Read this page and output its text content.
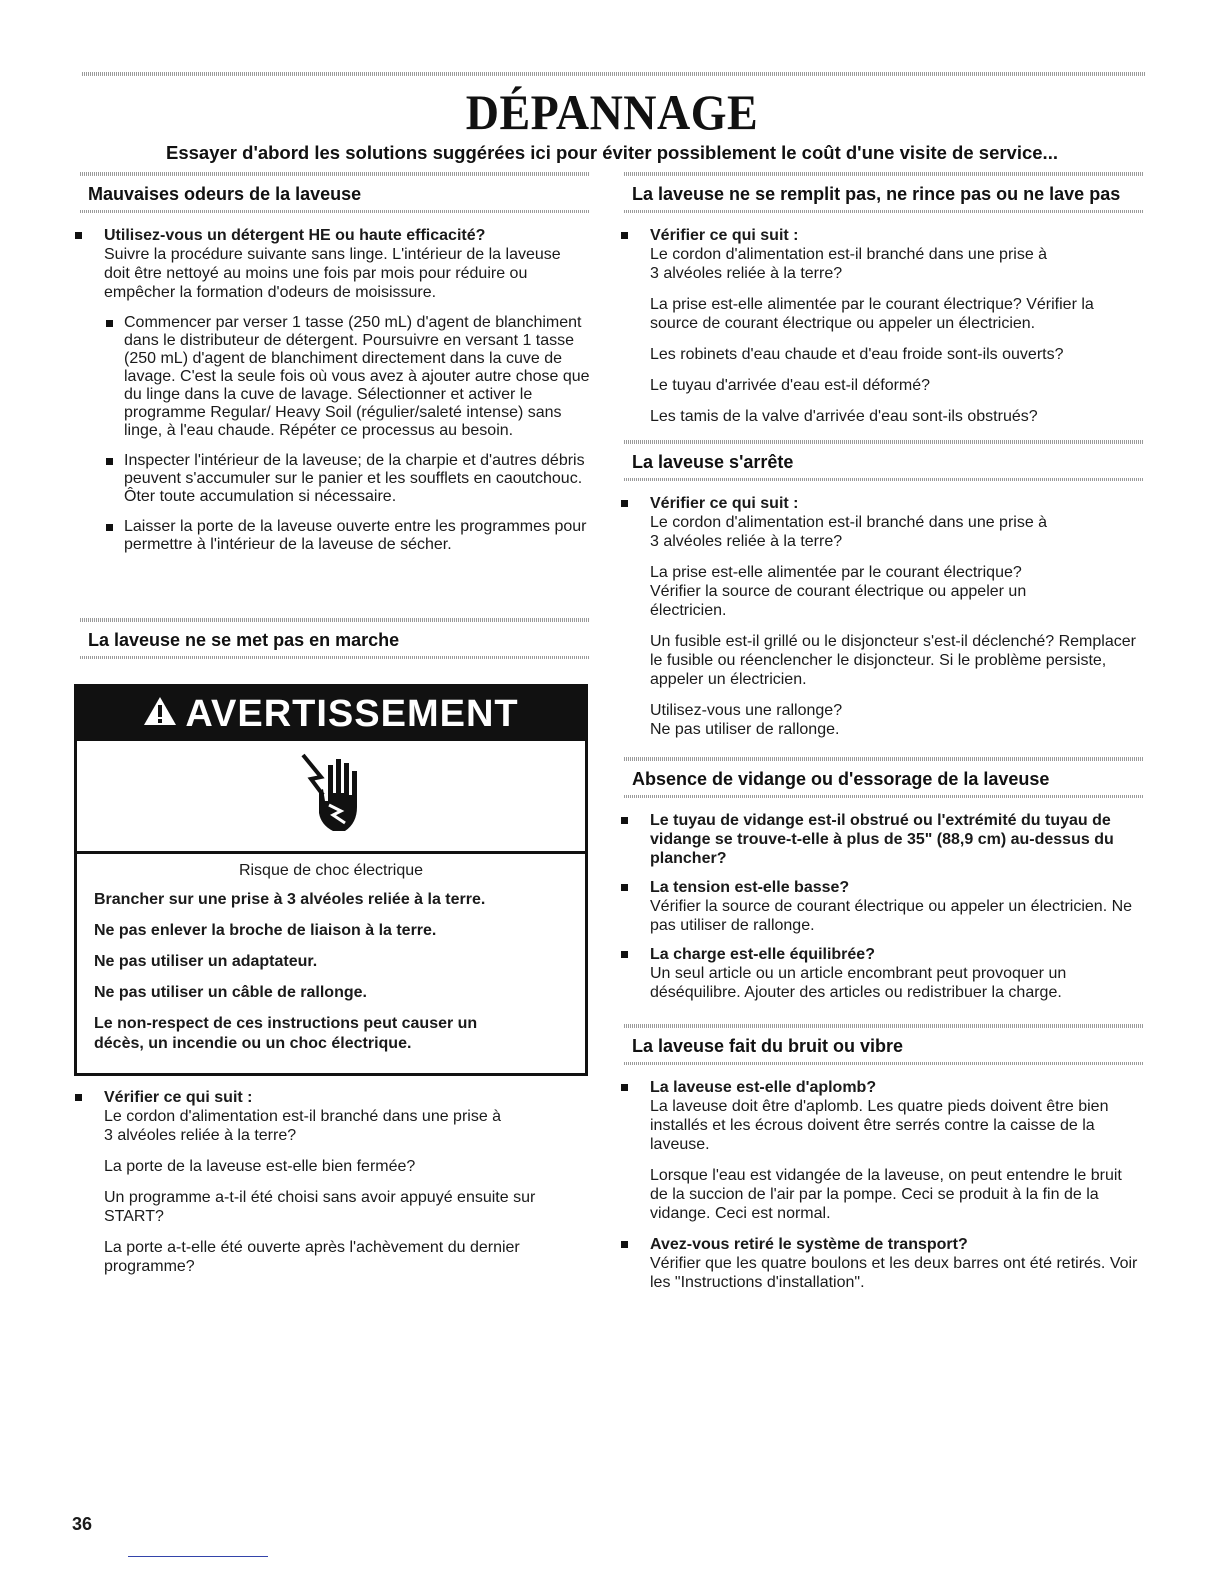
DÉPANNAGE
Essayer d'abord les solutions suggérées ici pour éviter possiblement le coût d'une visite de service...
Mauvaises odeurs de la laveuse
Utilisez-vous un détergent HE ou haute efficacité?
Suivre la procédure suivante sans linge. L'intérieur de la laveuse doit être nettoyé au moins une fois par mois pour réduire ou empêcher la formation d'odeurs de moisissure.
Commencer par verser 1 tasse (250 mL) d'agent de blanchiment dans le distributeur de détergent. Poursuivre en versant 1 tasse (250 mL) d'agent de blanchiment directement dans la cuve de lavage. C'est la seule fois où vous avez à ajouter autre chose que du linge dans la cuve de lavage. Sélectionner et activer le programme Regular/ Heavy Soil (régulier/saleté intense) sans linge, à l'eau chaude. Répéter ce processus au besoin.
Inspecter l'intérieur de la laveuse; de la charpie et d'autres débris peuvent s'accumuler sur le panier et les soufflets en caoutchouc. Ôter toute accumulation si nécessaire.
Laisser la porte de la laveuse ouverte entre les programmes pour permettre à l'intérieur de la laveuse de sécher.
La laveuse ne se met pas en marche
AVERTISSEMENT
Risque de choc électrique
Brancher sur une prise à 3 alvéoles reliée à la terre.
Ne pas enlever la broche de liaison à la terre.
Ne pas utiliser un adaptateur.
Ne pas utiliser un câble de rallonge.
Le non-respect de ces instructions peut causer un décès, un incendie ou un choc électrique.
Vérifier ce qui suit :
Le cordon d'alimentation est-il branché dans une prise à
3 alvéoles reliée à la terre?
La porte de la laveuse est-elle bien fermée?
Un programme a-t-il été choisi sans avoir appuyé ensuite sur START?
La porte a-t-elle été ouverte après l'achèvement du dernier programme?
La laveuse ne se remplit pas, ne rince pas ou ne lave pas
Vérifier ce qui suit :
Le cordon d'alimentation est-il branché dans une prise à
3 alvéoles reliée à la terre?
La prise est-elle alimentée par le courant électrique? Vérifier la source de courant électrique ou appeler un électricien.
Les robinets d'eau chaude et d'eau froide sont-ils ouverts?
Le tuyau d'arrivée d'eau est-il déformé?
Les tamis de la valve d'arrivée d'eau sont-ils obstrués?
La laveuse s'arrête
Vérifier ce qui suit :
Le cordon d'alimentation est-il branché dans une prise à
3 alvéoles reliée à la terre?
La prise est-elle alimentée par le courant électrique? Vérifier la source de courant électrique ou appeler un électricien.
Un fusible est-il grillé ou le disjoncteur s'est-il déclenché? Remplacer le fusible ou réenclencher le disjoncteur. Si le problème persiste, appeler un électricien.
Utilisez-vous une rallonge?
Ne pas utiliser de rallonge.
Absence de vidange ou d'essorage de la laveuse
Le tuyau de vidange est-il obstrué ou l'extrémité du tuyau de vidange se trouve-t-elle à plus de 35" (88,9 cm) au-dessus du plancher?
La tension est-elle basse?
Vérifier la source de courant électrique ou appeler un électricien. Ne pas utiliser de rallonge.
La charge est-elle équilibrée?
Un seul article ou un article encombrant peut provoquer un déséquilibre. Ajouter des articles ou redistribuer la charge.
La laveuse fait du bruit ou vibre
La laveuse est-elle d'aplomb?
La laveuse doit être d'aplomb. Les quatre pieds doivent être bien installés et les écrous doivent être serrés contre la caisse de la laveuse.
Lorsque l'eau est vidangée de la laveuse, on peut entendre le bruit de la succion de l'air par la pompe. Ceci se produit à la fin de la vidange. Ceci est normal.
Avez-vous retiré le système de transport?
Vérifier que les quatre boulons et les deux barres ont été retirés. Voir les "Instructions d'installation".
36
